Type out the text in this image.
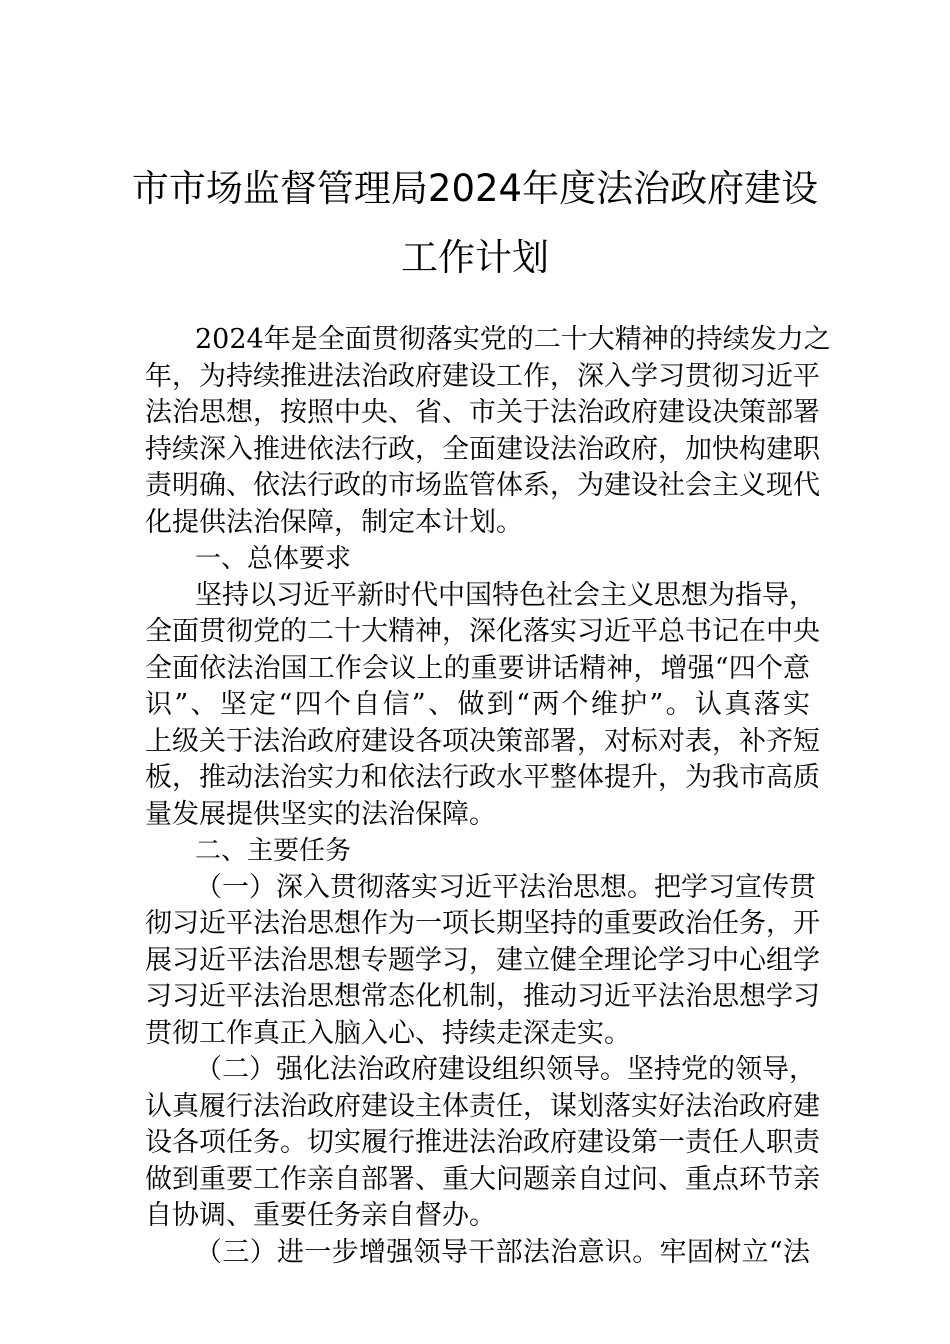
市市场监督管理局2024年度法治政府建设
工作计划
2024年是全面贯彻落实党的二十大精神的持续发力之
年，为持续推进法治政府建设工作，深入学习贯彻习近平
法治思想，按照中央、省、市关于法治政府建设决策部署
持续深入推进依法行政，全面建设法治政府，加快构建职
责明确、依法行政的市场监管体系，为建设社会主义现代
化提供法治保障，制定本计划。
一、总体要求
坚持以习近平新时代中国特色社会主义思想为指导，
全面贯彻党的二十大精神，深化落实习近平总书记在中央
全面依法治国工作会议上的重要讲话精神，增强“四个意
识”、坚定“四个自信”、做到“两个维护”。认真落实
上级关于法治政府建设各项决策部署，对标对表，补齐短
板，推动法治实力和依法行政水平整体提升，为我市高质
量发展提供坚实的法治保障。
二、主要任务
（一）深入贯彻落实习近平法治思想。把学习宣传贯
彻习近平法治思想作为一项长期坚持的重要政治任务，开
展习近平法治思想专题学习，建立健全理论学习中心组学
习习近平法治思想常态化机制，推动习近平法治思想学习
贯彻工作真正入脑入心、持续走深走实。
（二）强化法治政府建设组织领导。坚持党的领导，
认真履行法治政府建设主体责任，谋划落实好法治政府建
设各项任务。切实履行推进法治政府建设第一责任人职责
做到重要工作亲自部署、重大问题亲自过问、重点环节亲
自协调、重要任务亲自督办。
（三）进一步增强领导干部法治意识。牢固树立“法
